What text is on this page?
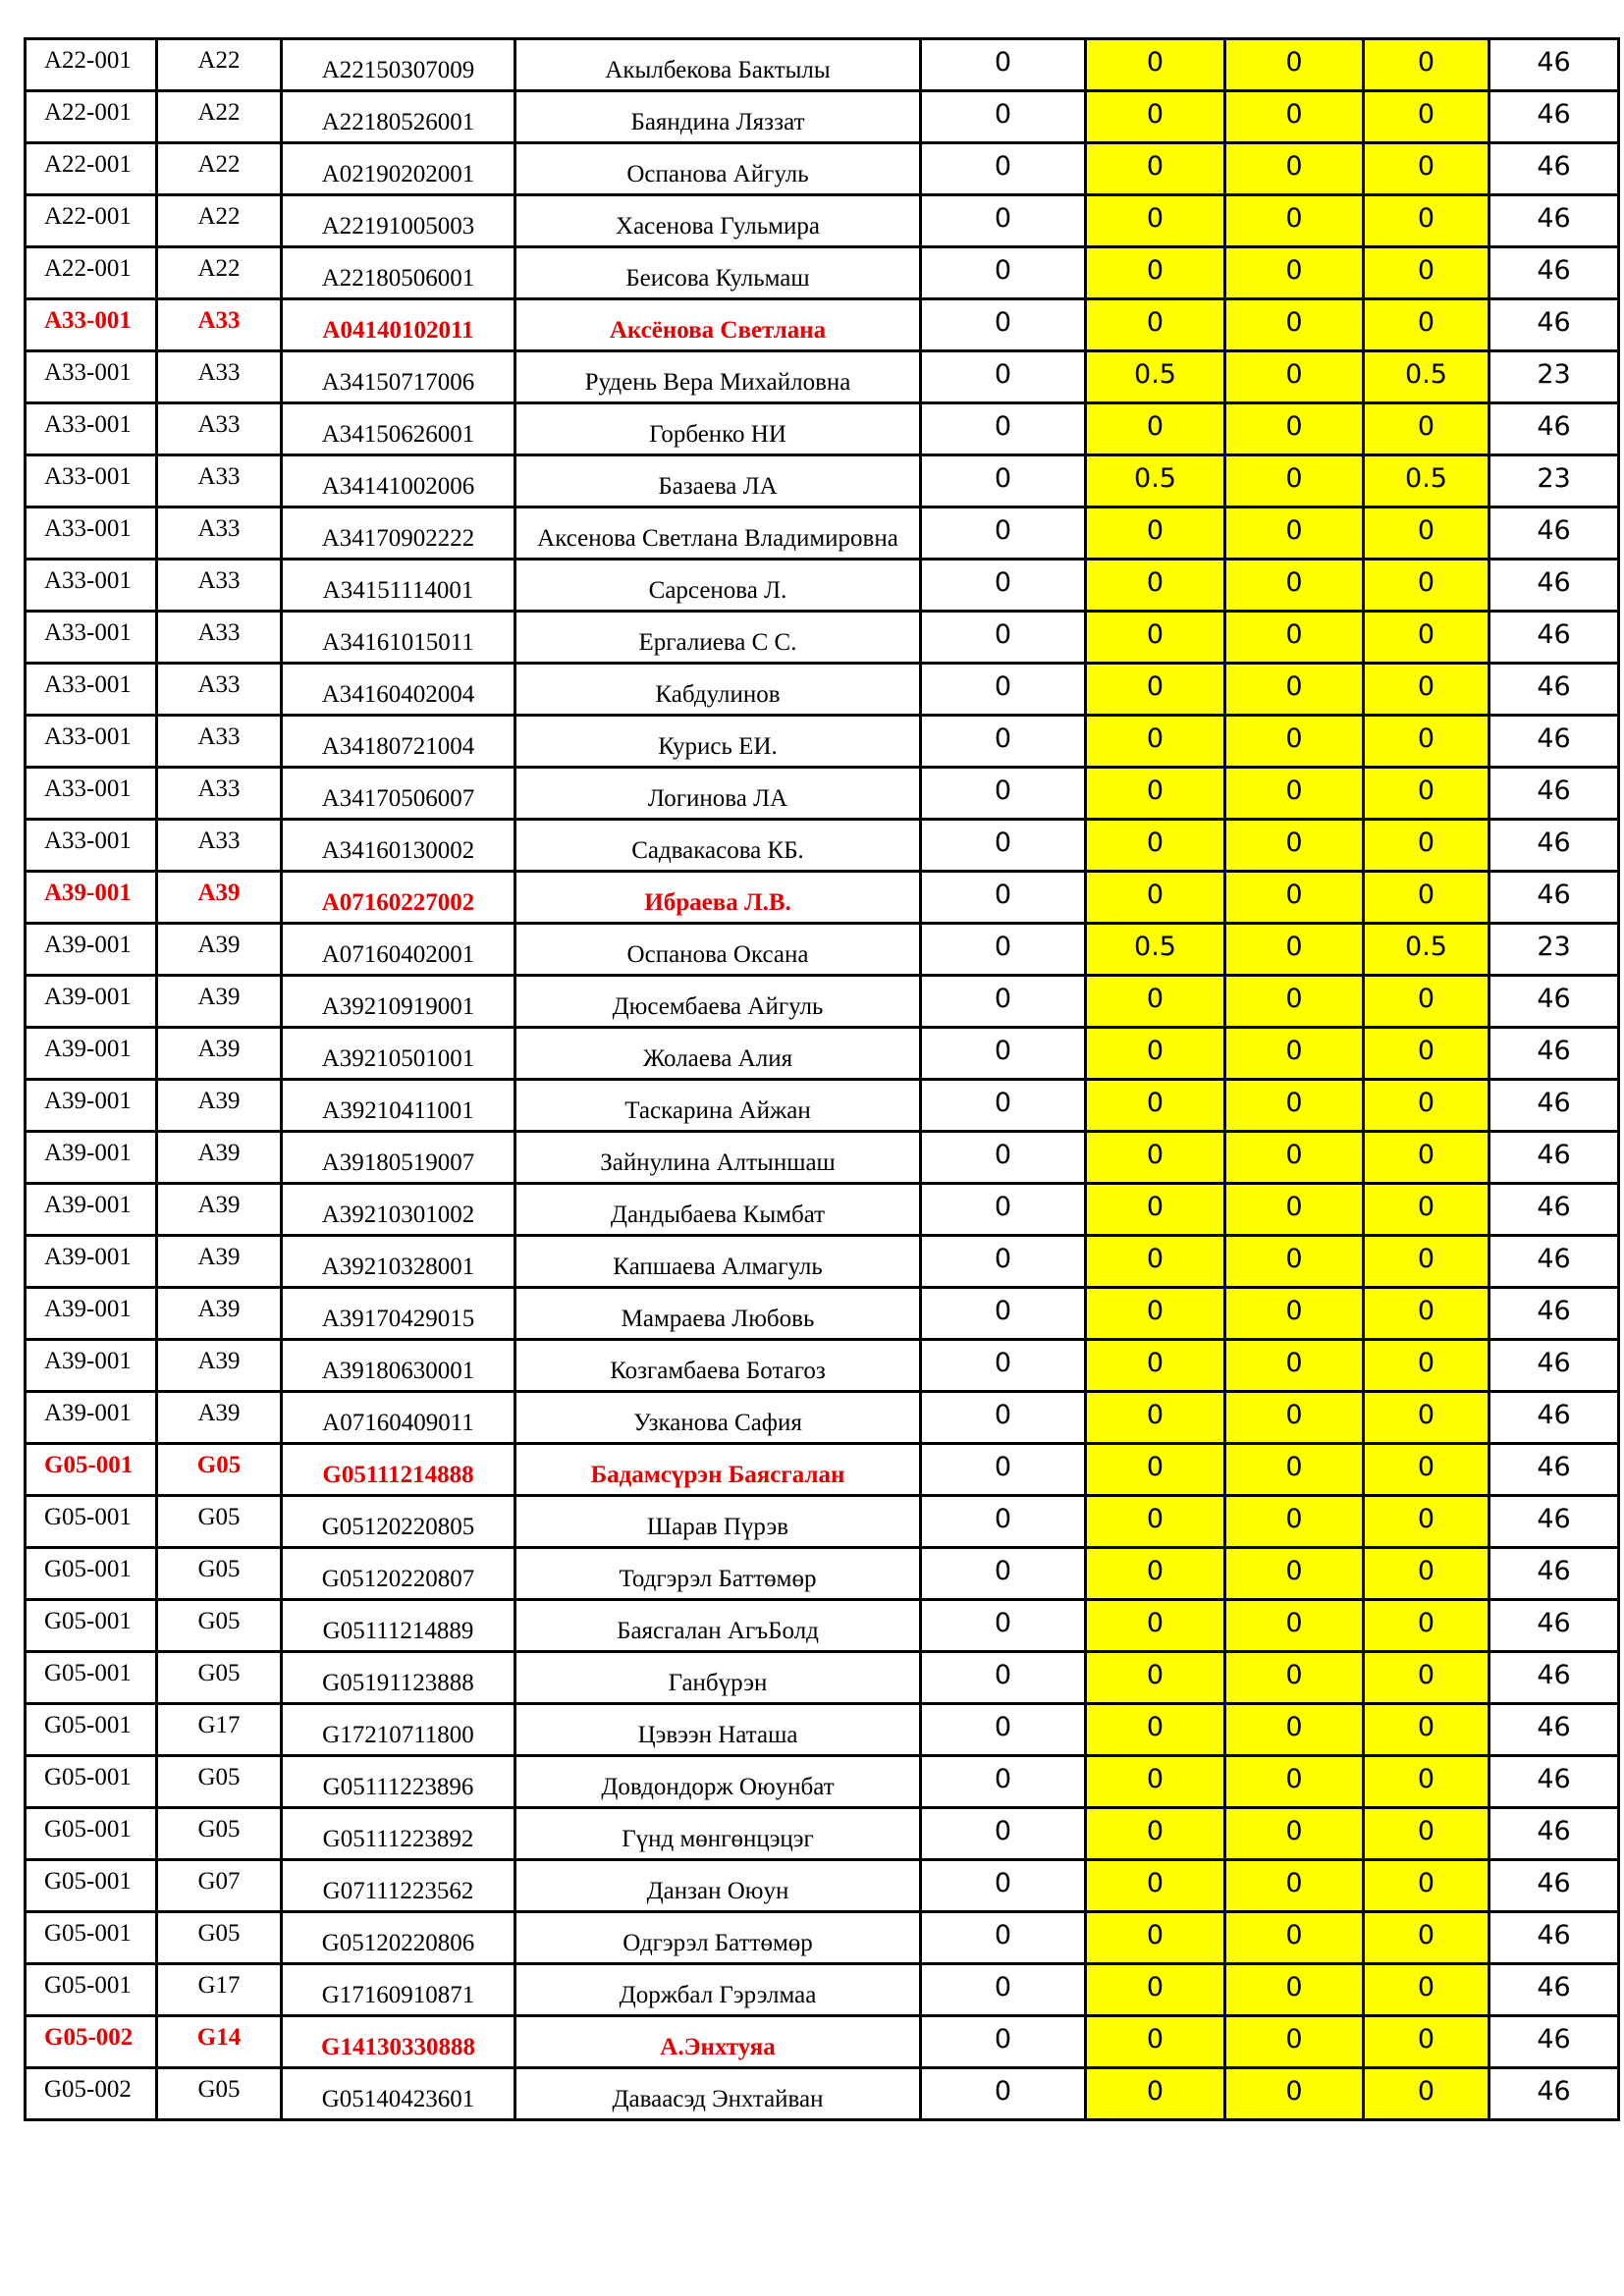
A22-001	A22	A22150307009	Акылбекова Бактылы	0	0	0	0	46
A22-001	A22	A22180526001	Баяндина Ляззат	0	0	0	0	46
A22-001	A22	A02190202001	Оспанова Айгуль	0	0	0	0	46
A22-001	A22	A22191005003	Хасенова Гульмира	0	0	0	0	46
A22-001	A22	A22180506001	Беисова Кульмаш	0	0	0	0	46
A33-001	A33	A04140102011	Аксёнова Светлана	0	0	0	0	46
A33-001	A33	A34150717006	Рудень Вера Михайловна	0	0.5	0	0.5	23
A33-001	A33	A34150626001	Горбенко НИ	0	0	0	0	46
A33-001	A33	A34141002006	Базаева ЛА	0	0.5	0	0.5	23
A33-001	A33	A34170902222	Аксенова Светлана Владимировна	0	0	0	0	46
A33-001	A33	A34151114001	Сарсенова Л.	0	0	0	0	46
A33-001	A33	A34161015011	Ергалиева С С.	0	0	0	0	46
A33-001	A33	A34160402004	Кабдулинов	0	0	0	0	46
A33-001	A33	A34180721004	Курись ЕИ.	0	0	0	0	46
A33-001	A33	A34170506007	Логинова ЛА	0	0	0	0	46
A33-001	A33	A34160130002	Садвакасова КБ.	0	0	0	0	46
A39-001	A39	A07160227002	Ибраева Л.В.	0	0	0	0	46
A39-001	A39	A07160402001	Оспанова Оксана	0	0.5	0	0.5	23
A39-001	A39	A39210919001	Дюсембаева Айгуль	0	0	0	0	46
A39-001	A39	A39210501001	Жолаева Алия	0	0	0	0	46
A39-001	A39	A39210411001	Таскарина Айжан	0	0	0	0	46
A39-001	A39	A39180519007	Зайнулина Алтыншаш	0	0	0	0	46
A39-001	A39	A39210301002	Дандыбаева Кымбат	0	0	0	0	46
A39-001	A39	A39210328001	Капшаева Алмагуль	0	0	0	0	46
A39-001	A39	A39170429015	Мамраева Любовь	0	0	0	0	46
A39-001	A39	A39180630001	Козгамбаева Ботагоз	0	0	0	0	46
A39-001	A39	A07160409011	Узканова Сафия	0	0	0	0	46
G05-001	G05	G05111214888	Бадамсүрэн Баясгалан	0	0	0	0	46
G05-001	G05	G05120220805	Шарав Пүрэв	0	0	0	0	46
G05-001	G05	G05120220807	Тодгэрэл Баттөмөр	0	0	0	0	46
G05-001	G05	G05111214889	Баясгалан АгъБолд	0	0	0	0	46
G05-001	G05	G05191123888	Ганбүрэн	0	0	0	0	46
G05-001	G17	G17210711800	Цэвээн Наташа	0	0	0	0	46
G05-001	G05	G05111223896	Довдондорж Оюунбат	0	0	0	0	46
G05-001	G05	G05111223892	Гүнд мөнгөнцэцэг	0	0	0	0	46
G05-001	G07	G07111223562	Данзан Оюун	0	0	0	0	46
G05-001	G05	G05120220806	Одгэрэл Баттөмөр	0	0	0	0	46
G05-001	G17	G17160910871	Доржбал Гэрэлмаа	0	0	0	0	46
G05-002	G14	G14130330888	А.Энхтуяа	0	0	0	0	46
G05-002	G05	G05140423601	Даваасэд Энхтайван	0	0	0	0	46
